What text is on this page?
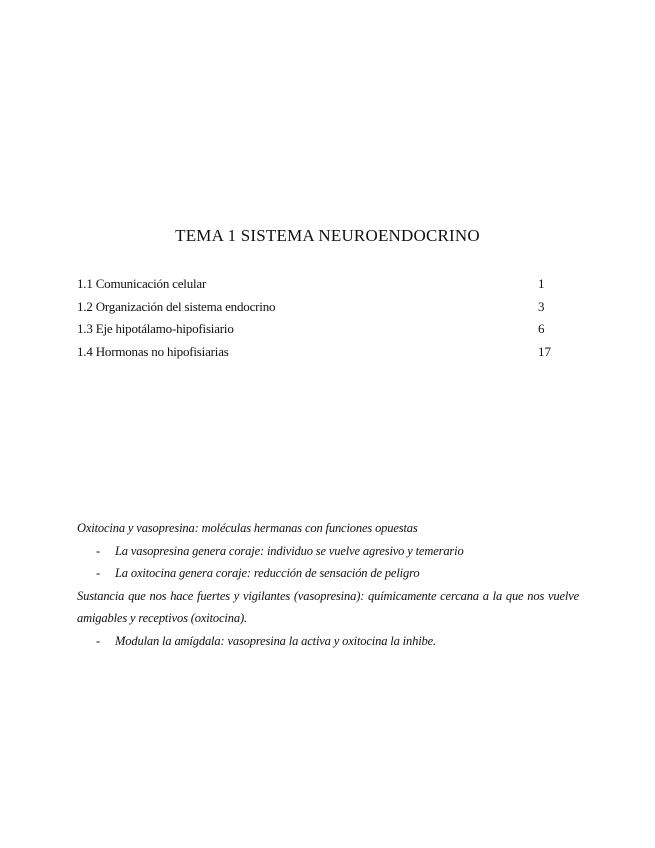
TEMA 1 SISTEMA NEUROENDOCRINO
1.1 Comunicación celular	1
1.2 Organización del sistema endocrino	3
1.3 Eje hipotálamo-hipofisiario	6
1.4 Hormonas no hipofisiarias	17

Oxitocina y vasopresina: moléculas hermanas con funciones opuestas

- La vasopresina genera coraje: individuo se vuelve agresivo y temerario

- La oxitocina genera coraje: reducción de sensación de peligro

Sustancia que nos hace fuertes y vigilantes (vasopresina): químicamente cercana a la que nos vuelve amigables y receptivos (oxitocina).

- Modulan la amígdala: vasopresina la activa y oxitocina la inhibe.
